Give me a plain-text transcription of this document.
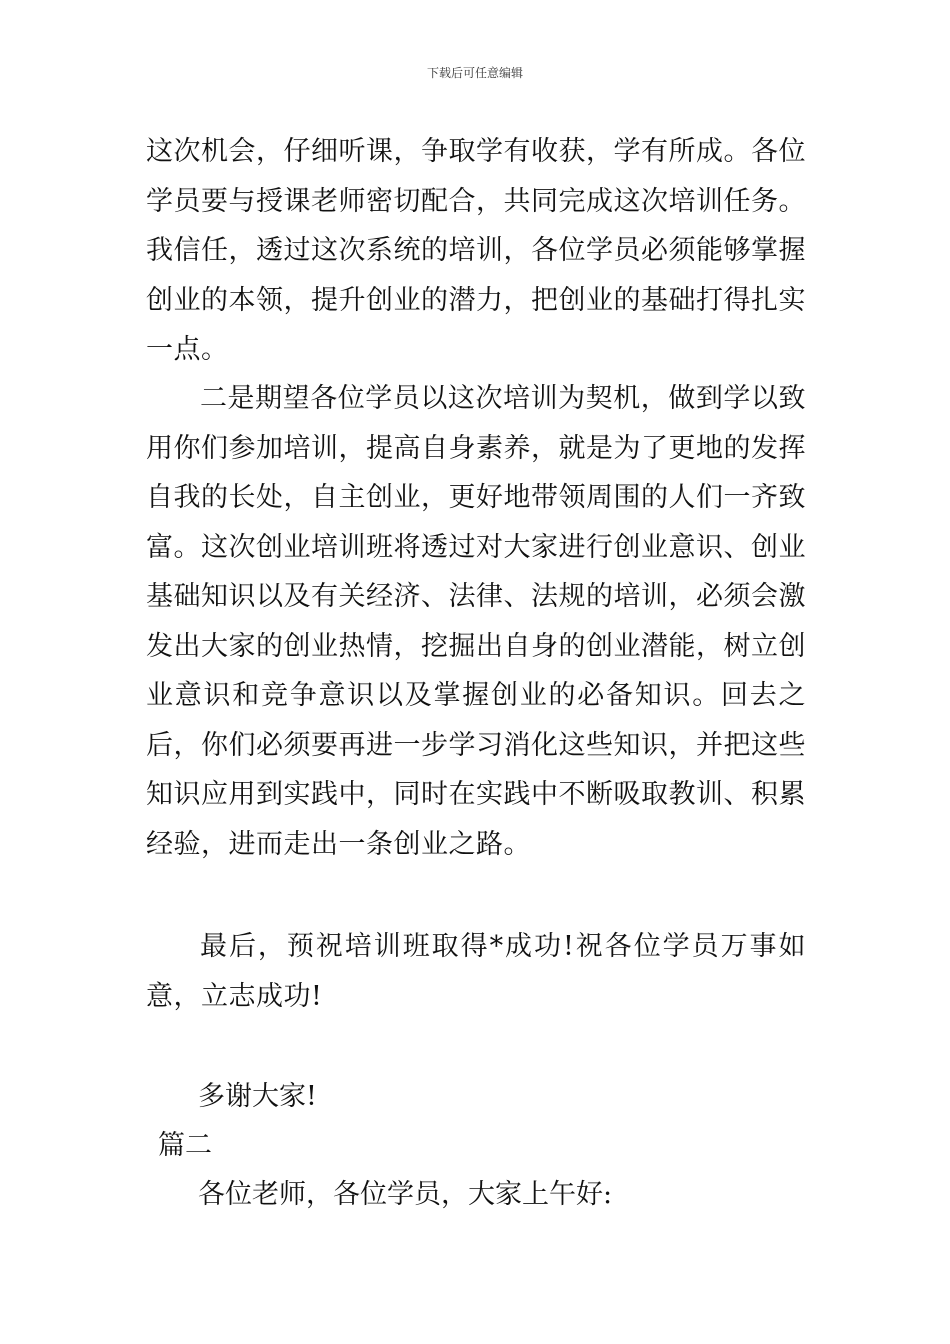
下载后可任意编辑

这次机会，仔细听课，争取学有收获，学有所成。各位学员要与授课老师密切配合，共同完成这次培训任务。我信任，透过这次系统的培训，各位学员必须能够掌握创业的本领，提升创业的潜力，把创业的基础打得扎实一点。

二是期望各位学员以这次培训为契机，做到学以致用你们参加培训，提高自身素养，就是为了更地的发挥自我的长处，自主创业，更好地带领周围的人们一齐致富。这次创业培训班将透过对大家进行创业意识、创业基础知识以及有关经济、法律、法规的培训，必须会激发出大家的创业热情，挖掘出自身的创业潜能，树立创业意识和竞争意识以及掌握创业的必备知识。回去之后，你们必须要再进一步学习消化这些知识，并把这些知识应用到实践中，同时在实践中不断吸取教训、积累经验，进而走出一条创业之路。

最后，预祝培训班取得*成功!祝各位学员万事如意，立志成功!

多谢大家!

篇二

各位老师，各位学员，大家上午好:
